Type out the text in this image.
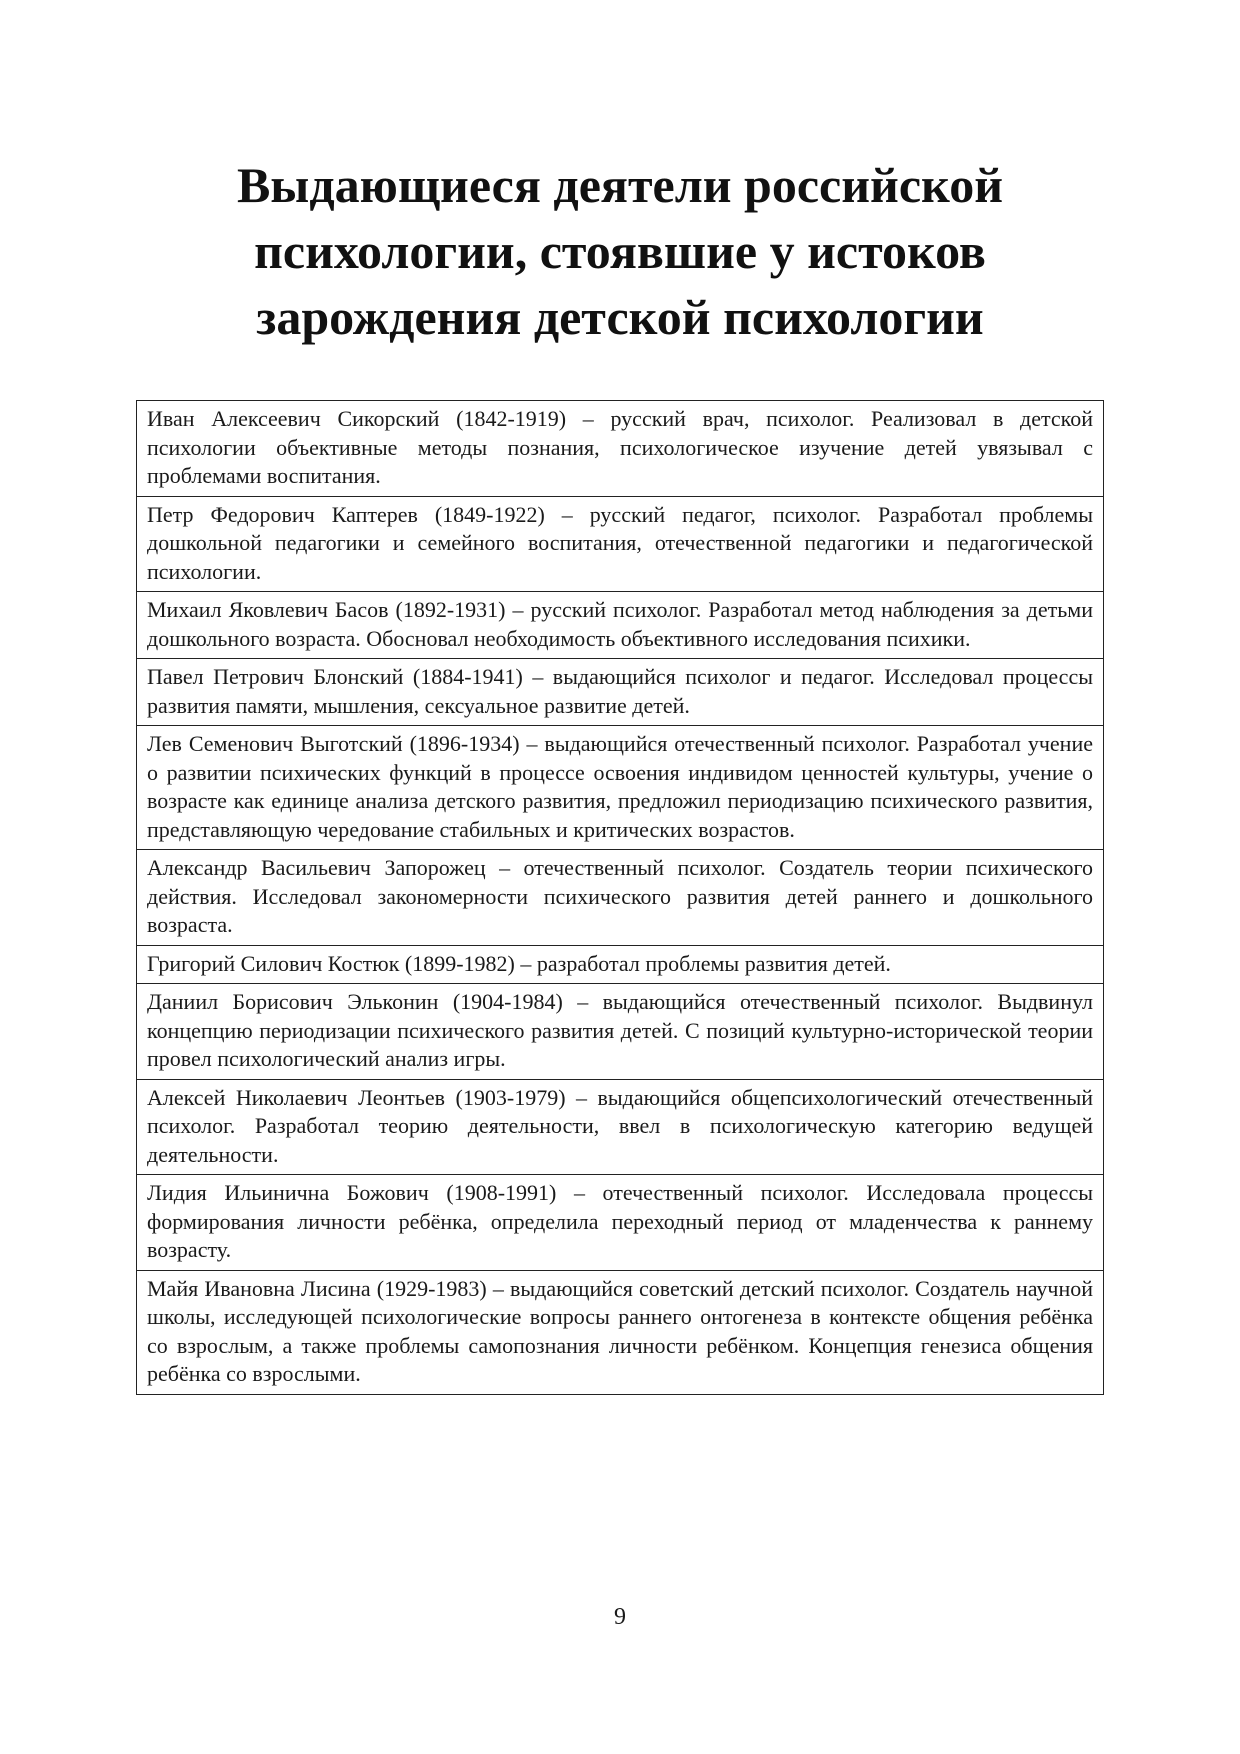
Выдающиеся деятели российской
психологии, стоявшие у истоков
зарождения детской психологии
Иван Алексеевич Сикорский (1842-1919) – русский врач, психолог. Реализовал в детской психологии объективные методы познания, психологическое изучение детей увязывал с проблемами воспитания.
Петр Федорович Каптерев (1849-1922) – русский педагог, психолог. Разработал проблемы дошкольной педагогики и семейного воспитания, отечественной педагогики и педагогической психологии.
Михаил Яковлевич Басов (1892-1931) – русский психолог. Разработал метод наблюдения за детьми дошкольного возраста. Обосновал необходимость объективного исследования психики.
Павел Петрович Блонский (1884-1941) – выдающийся психолог и педагог. Исследовал процессы развития памяти, мышления, сексуальное развитие детей.
Лев Семенович Выготский (1896-1934) – выдающийся отечественный психолог. Разработал учение о развитии психических функций в процессе освоения индивидом ценностей культуры, учение о возрасте как единице анализа детского развития, предложил периодизацию психического развития, представляющую чередование стабильных и критических возрастов.
Александр Васильевич Запорожец – отечественный психолог. Создатель теории психического действия. Исследовал закономерности психического развития детей раннего и дошкольного возраста.
Григорий Силович Костюк (1899-1982) – разработал проблемы развития детей.
Даниил Борисович Эльконин (1904-1984) – выдающийся отечественный психолог. Выдвинул концепцию периодизации психического развития детей. С позиций культурно-исторической теории провел психологический анализ игры.
Алексей Николаевич Леонтьев (1903-1979) – выдающийся общепсихологический отечественный психолог. Разработал теорию деятельности, ввел в психологическую категорию ведущей деятельности.
Лидия Ильинична Божович (1908-1991) – отечественный психолог. Исследовала процессы формирования личности ребёнка, определила переходный период от младенчества к раннему возрасту.
Майя Ивановна Лисина (1929-1983) – выдающийся советский детский психолог. Создатель научной школы, исследующей психологические вопросы раннего онтогенеза в контексте общения ребёнка со взрослым, а также проблемы самопознания личности ребёнком. Концепция генезиса общения ребёнка со взрослыми.
9
